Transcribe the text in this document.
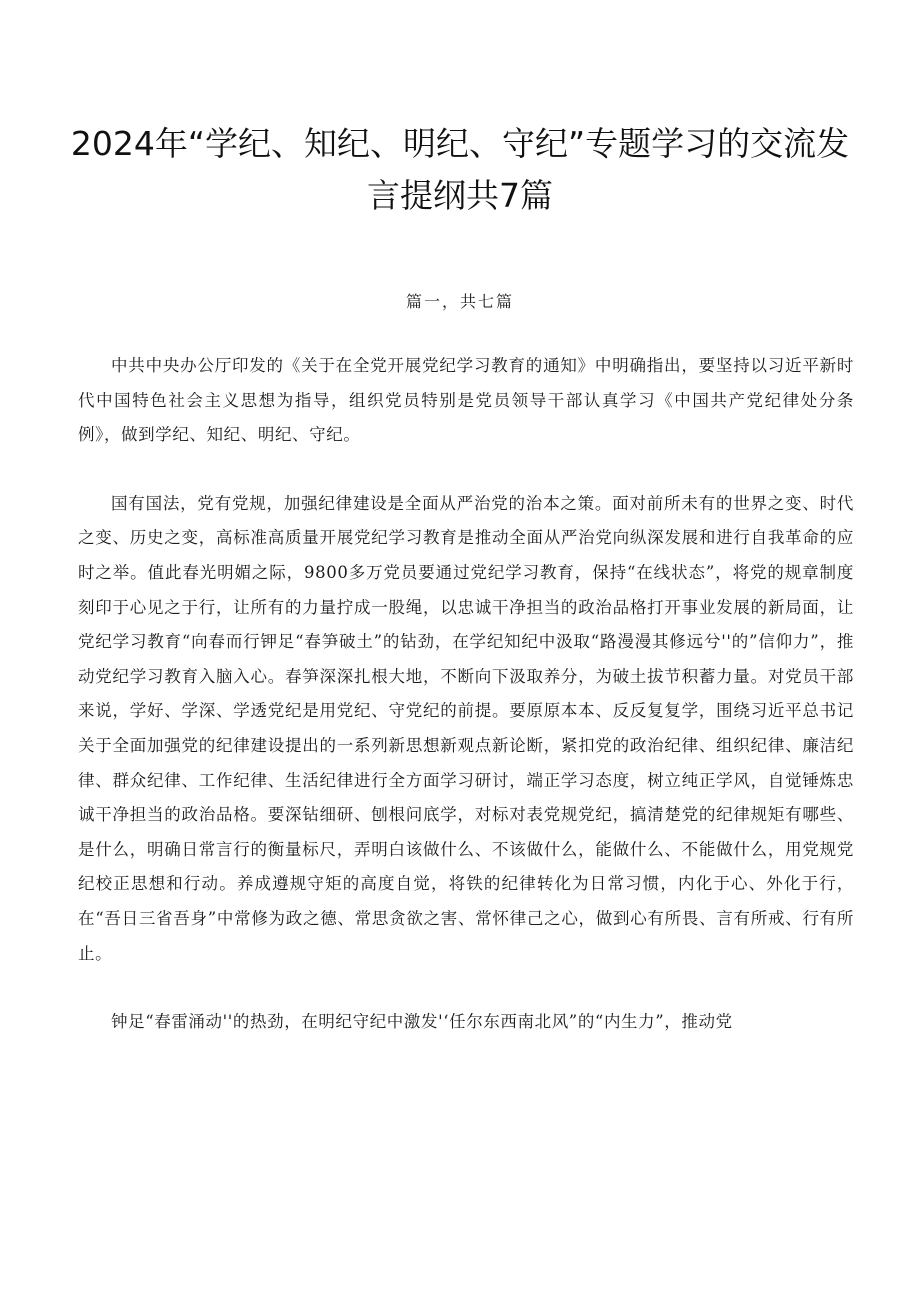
2024年“学纪、知纪、明纪、守纪”专题学习的交流发言提纲共7篇
篇一，共七篇

中共中央办公厅印发的《关于在全党开展党纪学习教育的通知》中明确指出，要坚持以习近平新时代中国特色社会主义思想为指导，组织党员特别是党员领导干部认真学习《中国共产党纪律处分条例》，做到学纪、知纪、明纪、守纪。

国有国法，党有党规，加强纪律建设是全面从严治党的治本之策。面对前所未有的世界之变、时代之变、历史之变，高标准高质量开展党纪学习教育是推动全面从严治党向纵深发展和进行自我革命的应时之举。值此春光明媚之际，9800多万党员要通过党纪学习教育，保持“在线状态”，将党的规章制度刻印于心见之于行，让所有的力量拧成一股绳，以忠诚干净担当的政治品格打开事业发展的新局面，让党纪学习教育“向春而行钾足“春笋破土”的钻劲，在学纪知纪中汲取“路漫漫其修远兮''的”信仰力”，推动党纪学习教育入脑入心。春笋深深扎根大地，不断向下汲取养分，为破土拔节积蓄力量。对党员干部来说，学好、学深、学透党纪是用党纪、守党纪的前提。要原原本本、反反复复学，围绕习近平总书记关于全面加强党的纪律建设提出的一系列新思想新观点新论断，紧扣党的政治纪律、组织纪律、廉洁纪律、群众纪律、工作纪律、生活纪律进行全方面学习研讨，端正学习态度，树立纯正学风，自觉锤炼忠诚干净担当的政治品格。要深钻细研、刨根问底学，对标对表党规党纪，搞清楚党的纪律规矩有哪些、是什么，明确日常言行的衡量标尺，弄明白该做什么、不该做什么，能做什么、不能做什么，用党规党纪校正思想和行动。养成遵规守矩的高度自觉，将铁的纪律转化为日常习惯，内化于心、外化于行，在“吾日三省吾身”中常修为政之德、常思贪欲之害、常怀律己之心，做到心有所畏、言有所戒、行有所止。

钟足“春雷涌动''的热劲，在明纪守纪中激发'‘任尔东西南北风”的“内生力”，推动党
